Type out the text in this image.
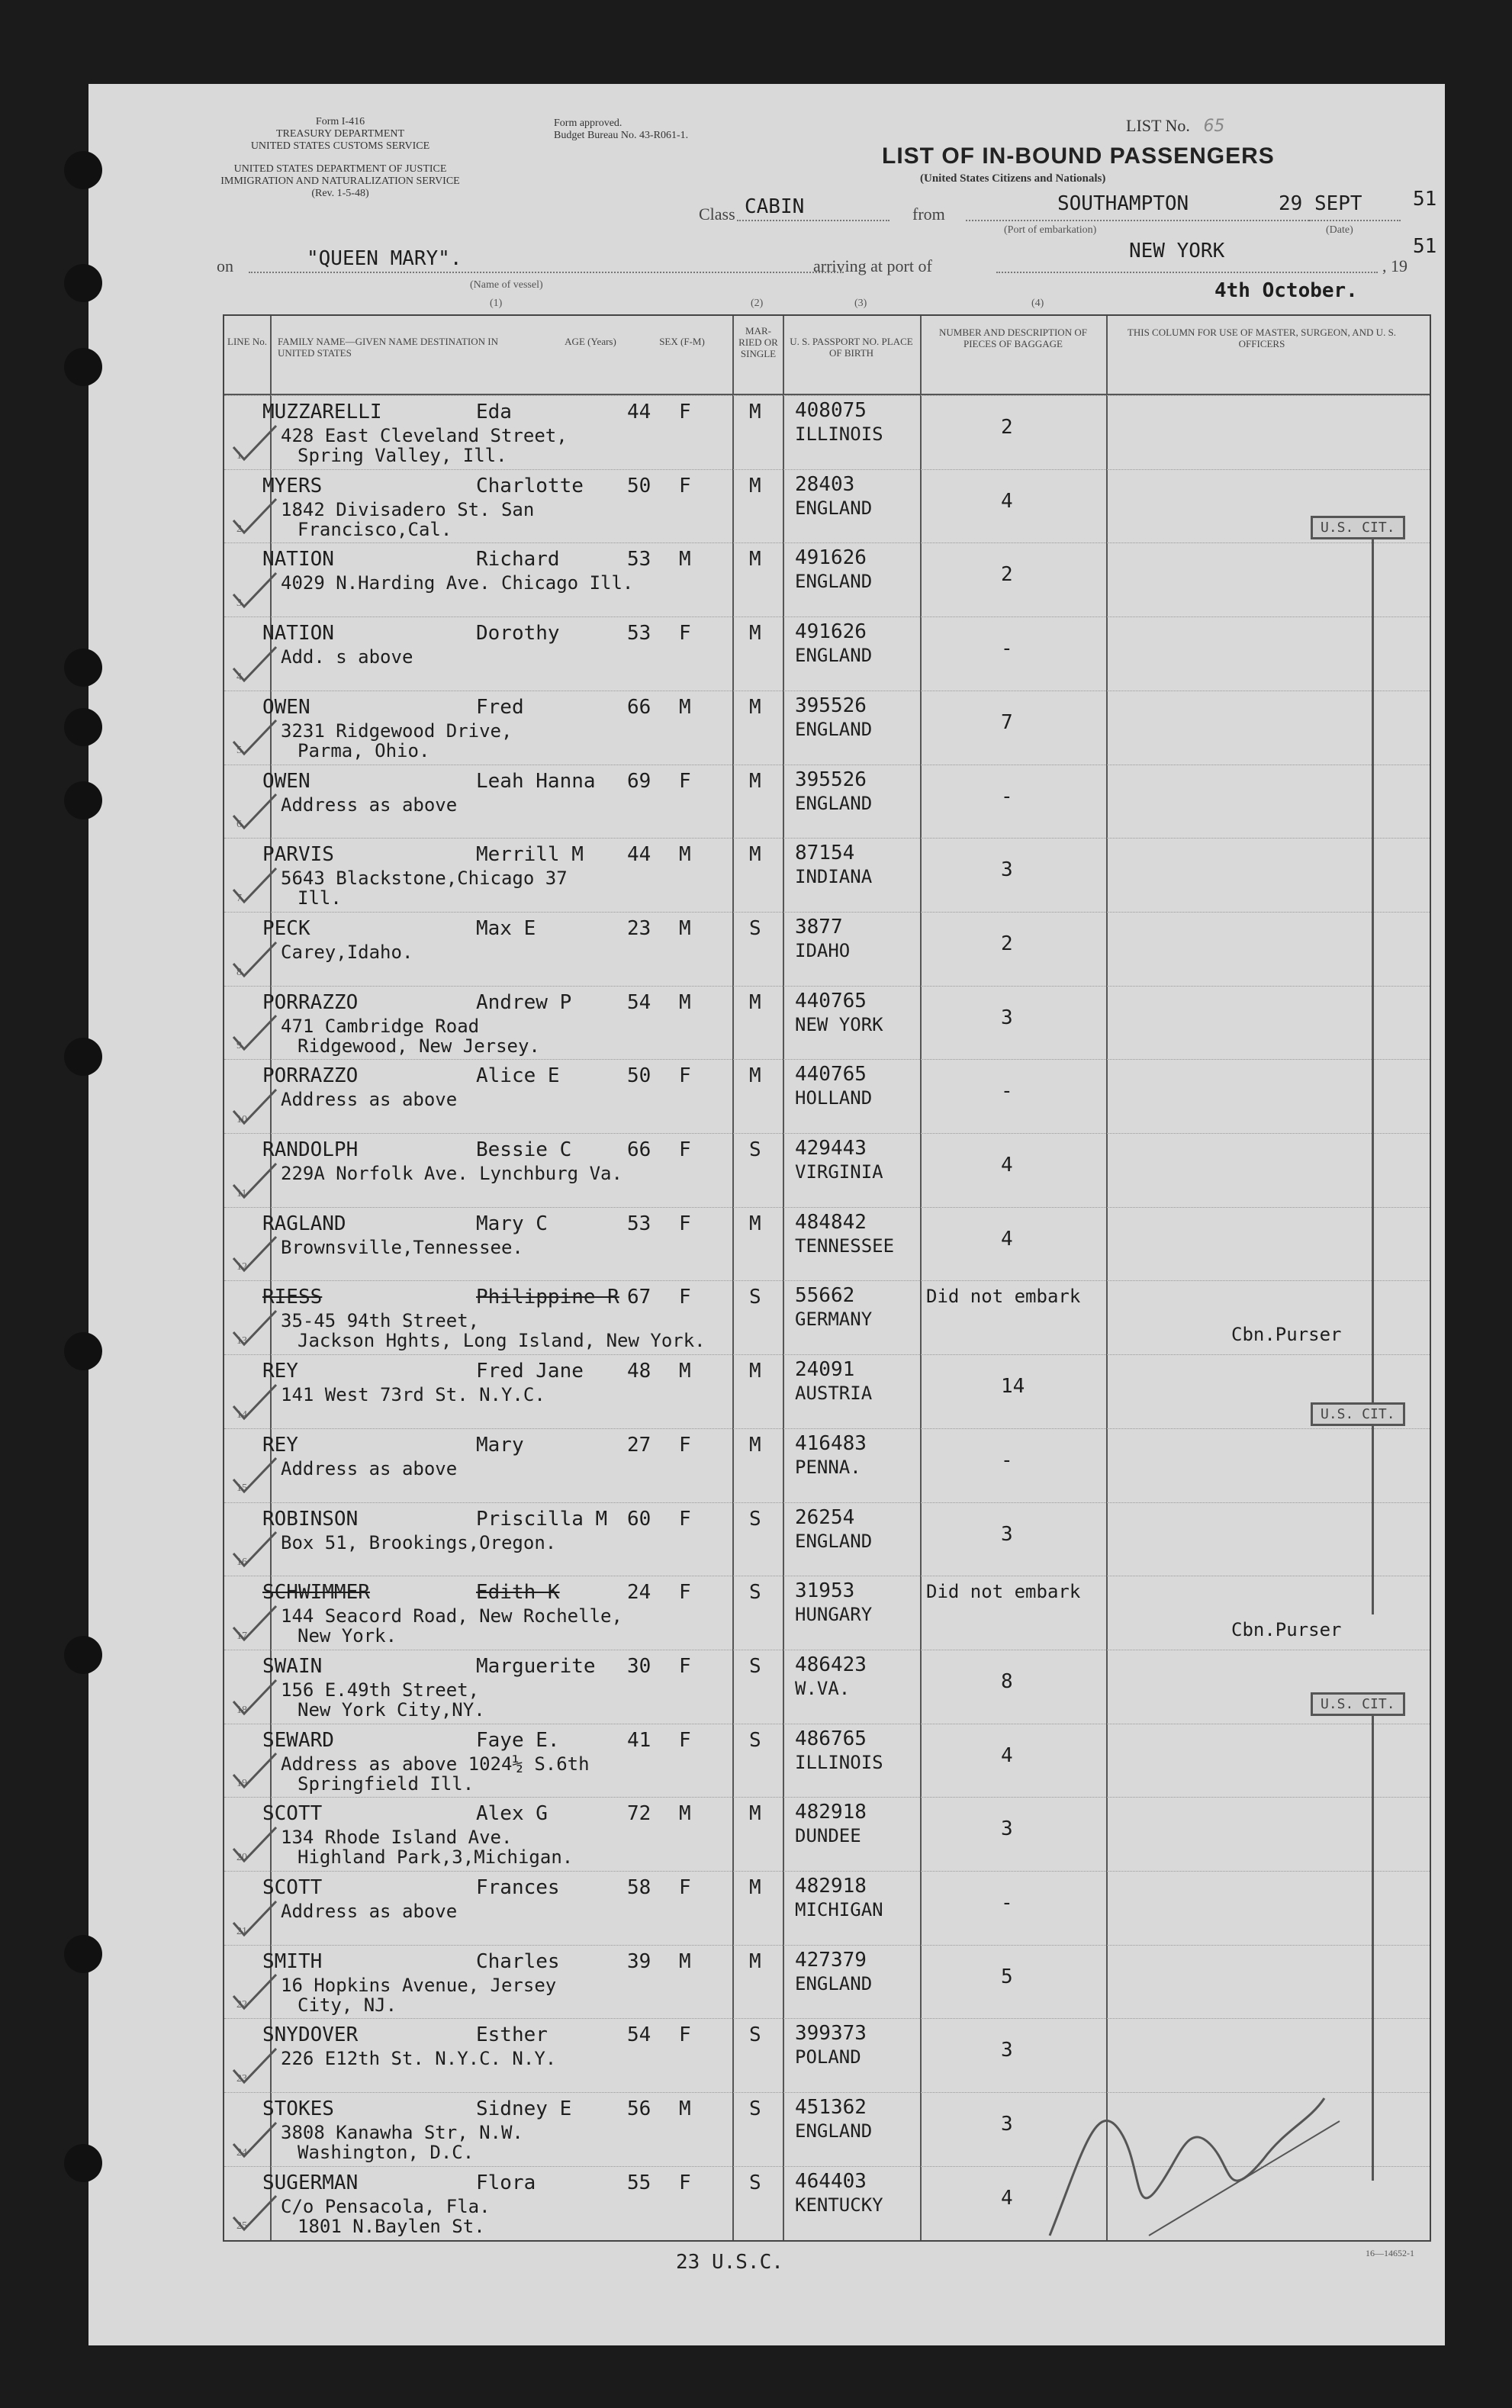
Form I-416
TREASURY DEPARTMENT
UNITED STATES CUSTOMS SERVICE
UNITED STATES DEPARTMENT OF JUSTICE
IMMIGRATION AND NATURALIZATION SERVICE
(Rev. 1-5-48)
Form approved.
Budget Bureau No. 43-R061-1.
LIST No. 65
LIST OF IN-BOUND PASSENGERS
(United States Citizens and Nationals)
Class CABIN	from	SOUTHAMPTON
(Port of embarkation)
29 SEPT	51
(Date)
on	"QUEEN MARY".
(Name of vessel)
arriving at port of
NEW YORK
, 19
51
4th October.
(1)	(2)	(3)	(4)
LINE No.	FAMILY NAME—GIVEN NAME DESTINATION IN UNITED STATES
AGE (Years)	SEX (F-M)
MAR-RIED OR SINGLE
U. S. PASSPORT NO. PLACE OF BIRTH
NUMBER AND DESCRIPTION OF PIECES OF BAGGAGE
THIS COLUMN FOR USE OF MASTER, SURGEON, AND U. S. OFFICERS
1
MUZZARELLI	Eda	44 F	M
428 East Cleveland Street,
Spring Valley, Ill.
408075
ILLINOIS	2
2
MYERS	Charlotte 50 F	M
1842 Divisadero St. San
Francisco,Cal.
28403
ENGLAND	4
3
NATION	Richard	53 M	M
4029 N.Harding Ave. Chicago Ill.
491626
ENGLAND	2
4
NATION	Dorothy	53 F	M
Add. s above
491626
ENGLAND	-
5
OWEN	Fred	66 M	M
3231 Ridgewood Drive,
Parma, Ohio.
395526
ENGLAND	7
6
OWEN	Leah Hanna 69 F	M
Address as above
395526
ENGLAND	-
7
PARVIS	Merrill M 44 M	M
5643 Blackstone,Chicago 37
Ill.
87154
INDIANA	3
8
PECK	Max E	23 M	S
Carey,Idaho.
3877
IDAHO	2
9
PORRAZZO	Andrew P	54 M	M
471 Cambridge Road
Ridgewood, New Jersey.
440765
NEW YORK	3
10
PORRAZZO	Alice E	50 F	M
Address as above
440765
HOLLAND	-
11
RANDOLPH	Bessie C	66 F	S
229A Norfolk Ave. Lynchburg Va.
429443
VIRGINIA	4
12
RAGLAND	Mary C	53 F	M
Brownsville,Tennessee.
484842
TENNESSEE	4
13
RIESS	Philippine R 67 F	S
35-45 94th Street,
Jackson Hghts, Long Island, New York.
55662
GERMANY
Did not embark
Cbn.Purser
14
REY	Fred Jane 48 M	M
141 West 73rd St. N.Y.C.
24091
AUSTRIA	14
15
REY	Mary	27 F	M
Address as above
416483
PENNA.	-
16
ROBINSON	Priscilla M 60 F	S
Box 51, Brookings,Oregon.
26254
ENGLAND	3
17
SCHWIMMER	Edith K	24 F	S
144 Seacord Road, New Rochelle,
New York.
31953
HUNGARY
Did not embark
Cbn.Purser
18
SWAIN	Marguerite 30 F	S
156 E.49th Street,
New York City,NY.
486423
W.VA.	8
19
SEWARD	Faye E.	41 F	S
Address as above 1024½ S.6th
Springfield Ill.
486765
ILLINOIS	4
20
SCOTT	Alex G	72 M	M
134 Rhode Island Ave.
Highland Park,3,Michigan.
482918
DUNDEE	3
21
SCOTT	Frances	58 F	M
Address as above
482918
MICHIGAN	-
22
SMITH	Charles	39 M	M
16 Hopkins Avenue, Jersey
City, NJ.
427379
ENGLAND	5
23
SNYDOVER	Esther	54 F	S
226 E12th St. N.Y.C. N.Y.
399373
POLAND	3
24
STOKES	Sidney E	56 M	S
3808 Kanawha Str, N.W.
Washington, D.C.
451362
ENGLAND	3
25
SUGERMAN	Flora	55 F	S
C/o Pensacola, Fla.
1801 N.Baylen St.
464403
KENTUCKY	4
U.S. CIT.
U.S. CIT.
U.S. CIT.
23 U.S.C.	16—14652-1
